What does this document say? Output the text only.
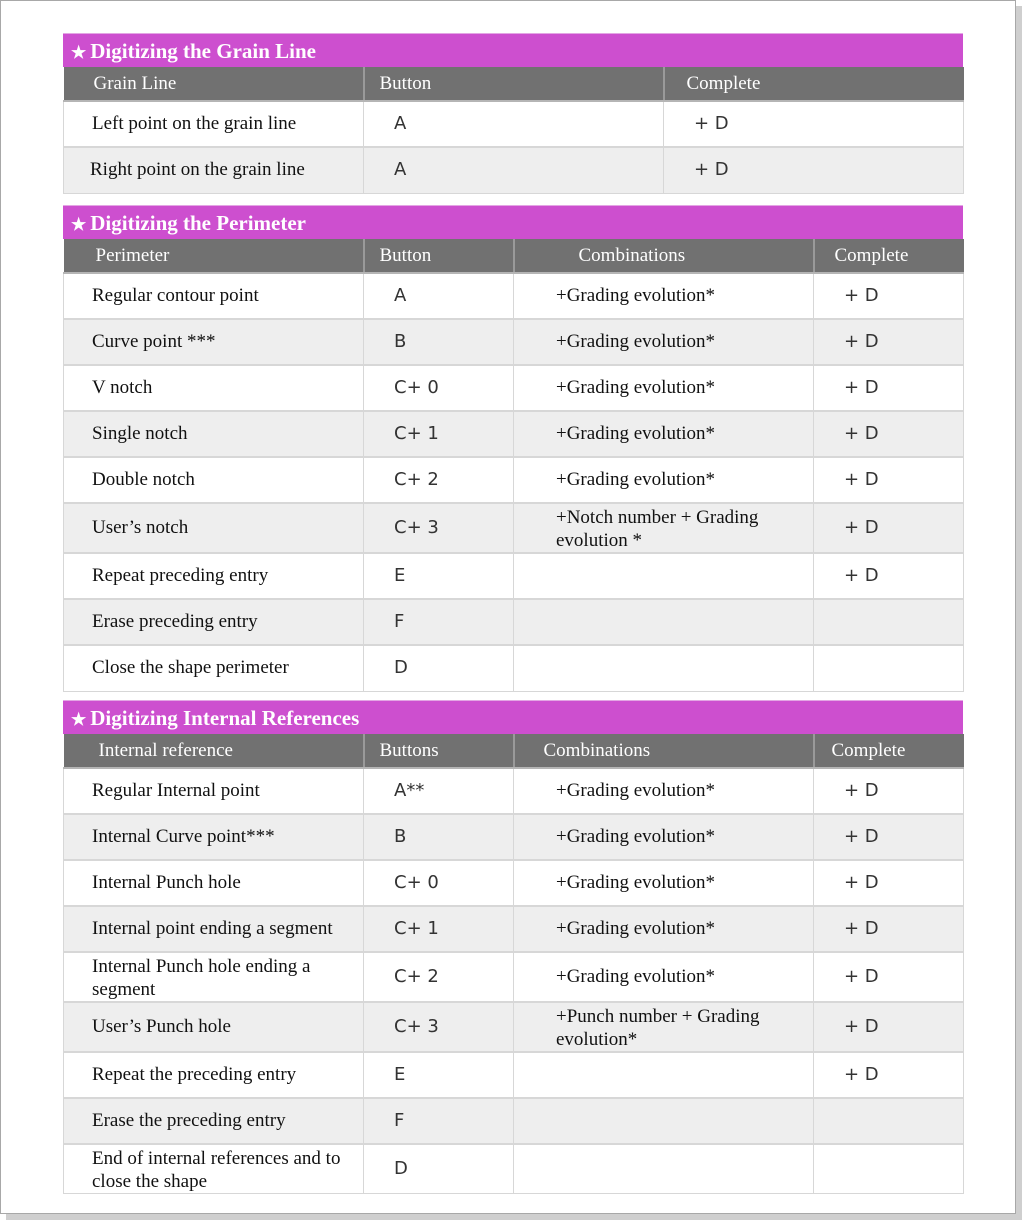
★ Digitizing the Grain Line
Grain Line	Button	Complete
Left point on the grain line	A	+ D
Right point on the grain line	A	+ D
★ Digitizing the Perimeter
Perimeter	Button	Combinations	Complete
Regular contour point	A	+Grading evolution*	+ D
Curve point ***	B	+Grading evolution*	+ D
V notch	C+ 0	+Grading evolution*	+ D
Single notch	C+ 1	+Grading evolution*	+ D
Double notch	C+ 2	+Grading evolution*	+ D
User’s notch	C+ 3	+Notch number + Grading evolution *	+ D
Repeat preceding entry	E		+ D
Erase preceding entry	F		
Close the shape perimeter	D		
★ Digitizing Internal References
Internal reference	Buttons	Combinations	Complete
Regular Internal point	A**	+Grading evolution*	+ D
Internal Curve point***	B	+Grading evolution*	+ D
Internal Punch hole	C+ 0	+Grading evolution*	+ D
Internal point ending a segment	C+ 1	+Grading evolution*	+ D
Internal Punch hole ending a segment	C+ 2	+Grading evolution*	+ D
User’s Punch hole	C+ 3	+Punch number + Grading evolution*	+ D
Repeat the preceding entry	E		+ D
Erase the preceding entry	F		
End of internal references and to close the shape	D		
